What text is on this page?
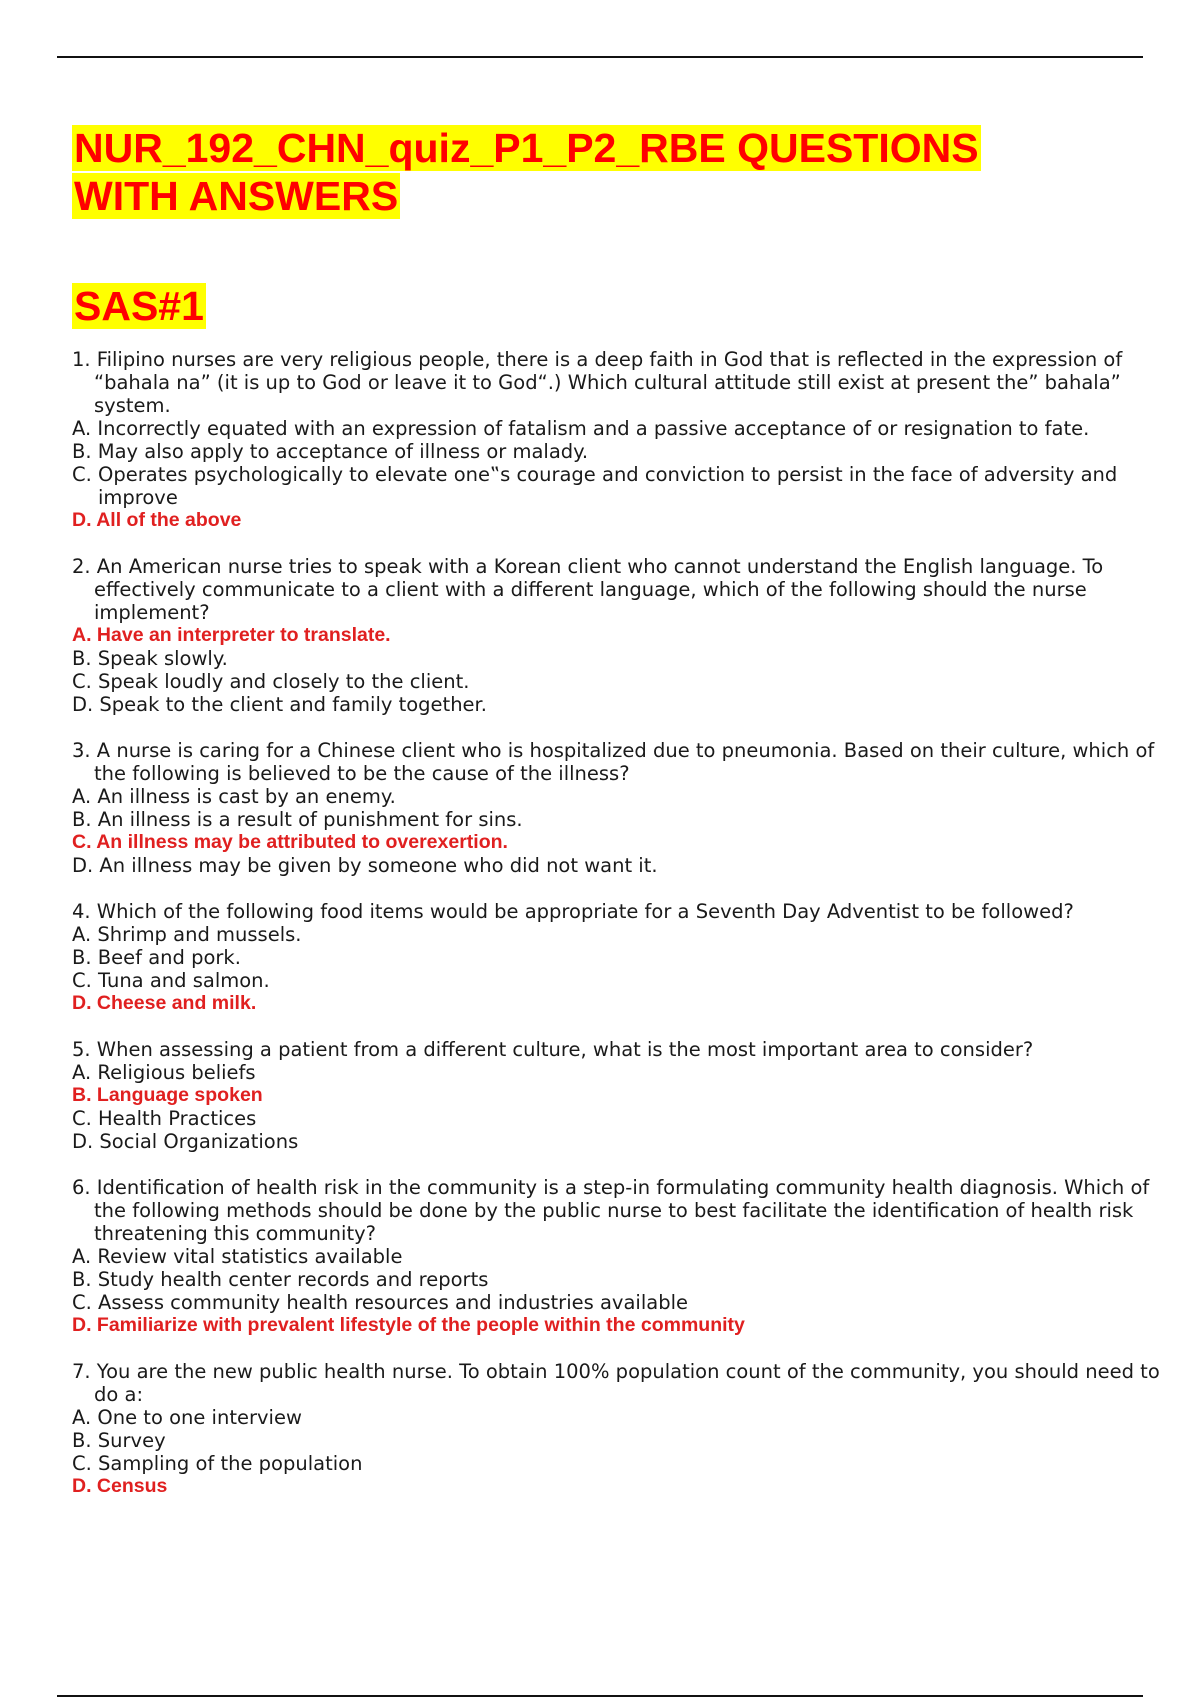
NUR_192_CHN_quiz_P1_P2_RBE QUESTIONS WITH ANSWERS
SAS#1
1. Filipino nurses are very religious people, there is a deep faith in God that is reflected in the expression of “bahala na” (it is up to God or leave it to God“.) Which cultural attitude still exist at present the” bahala” system.
A. Incorrectly equated with an expression of fatalism and a passive acceptance of or resignation to fate.
B. May also apply to acceptance of illness or malady.
C. Operates psychologically to elevate one‟s courage and conviction to persist in the face of adversity and improve
D. All of the above
2. An American nurse tries to speak with a Korean client who cannot understand the English language. To effectively communicate to a client with a different language, which of the following should the nurse implement?
A. Have an interpreter to translate.
B. Speak slowly.
C. Speak loudly and closely to the client.
D. Speak to the client and family together.
3. A nurse is caring for a Chinese client who is hospitalized due to pneumonia. Based on their culture, which of the following is believed to be the cause of the illness?
A. An illness is cast by an enemy.
B. An illness is a result of punishment for sins.
C. An illness may be attributed to overexertion.
D. An illness may be given by someone who did not want it.
4. Which of the following food items would be appropriate for a Seventh Day Adventist to be followed?
A. Shrimp and mussels.
B. Beef and pork.
C. Tuna and salmon.
D. Cheese and milk.
5. When assessing a patient from a different culture, what is the most important area to consider?
A. Religious beliefs
B. Language spoken
C. Health Practices
D. Social Organizations
6. Identification of health risk in the community is a step-in formulating community health diagnosis. Which of the following methods should be done by the public nurse to best facilitate the identification of health risk threatening this community?
A. Review vital statistics available
B. Study health center records and reports
C. Assess community health resources and industries available
D. Familiarize with prevalent lifestyle of the people within the community
7. You are the new public health nurse. To obtain 100% population count of the community, you should need to do a:
A. One to one interview
B. Survey
C. Sampling of the population
D. Census
